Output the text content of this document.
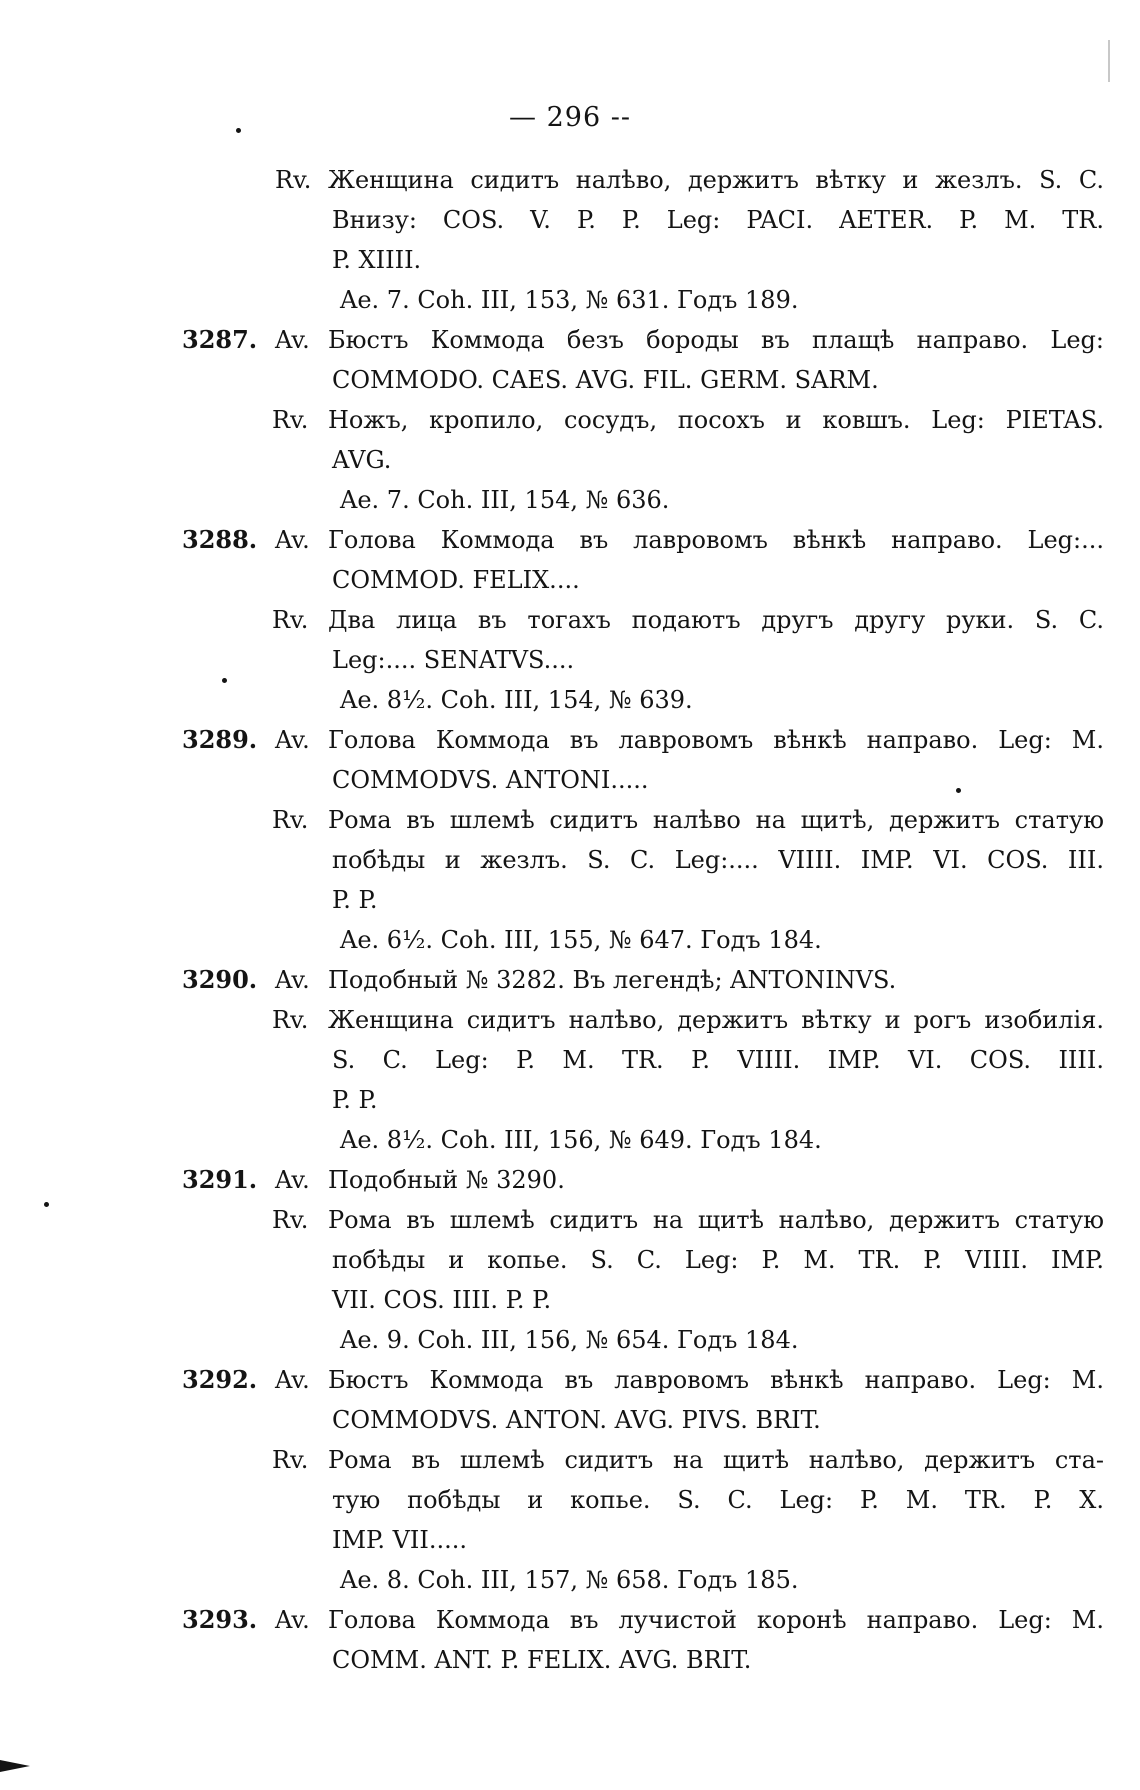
— 296 --
Rv. Женщина сидитъ налѣво, держитъ вѣтку и жезлъ. S. C.
Внизу: COS. V. P. P. Leg: PACI. AETER. P. M. TR.
P. XIIII.
Ae. 7. Coh. III, 153, № 631. Годъ 189.
3287. Av. Бюстъ Коммода безъ бороды въ плащѣ направо. Leg:
COMMODO. CAES. AVG. FIL. GERM. SARM.
Rv. Ножъ, кропило, сосудъ, посохъ и ковшъ. Leg: PIETAS.
AVG.
Ae. 7. Coh. III, 154, № 636.
3288. Av. Голова Коммода въ лавровомъ вѣнкѣ направо. Leg:...
COMMOD. FELIX....
Rv. Два лица въ тогахъ подаютъ другъ другу руки. S. C.
Leg:.... SENATVS....
Ae. 8½. Coh. III, 154, № 639.
3289. Av. Голова Коммода въ лавровомъ вѣнкѣ направо. Leg: M.
COMMODVS. ANTONI.....
Rv. Рома въ шлемѣ сидитъ налѣво на щитѣ, держитъ статую
побѣды и жезлъ. S. C. Leg:.... VIIII. IMP. VI. COS. III.
P. P.
Ae. 6½. Coh. III, 155, № 647. Годъ 184.
3290. Av. Подобный № 3282. Въ легендѣ; ANTONINVS.
Rv. Женщина сидитъ налѣво, держитъ вѣтку и рогъ изобилія.
S. C. Leg: P. M. TR. P. VIIII. IMP. VI. COS. IIII.
P. P.
Ae. 8½. Coh. III, 156, № 649. Годъ 184.
3291. Av. Подобный № 3290.
Rv. Рома въ шлемѣ сидитъ на щитѣ налѣво, держитъ статую
побѣды и копье. S. C. Leg: P. M. TR. P. VIIII. IMP.
VII. COS. IIII. P. P.
Ae. 9. Coh. III, 156, № 654. Годъ 184.
3292. Av. Бюстъ Коммода въ лавровомъ вѣнкѣ направо. Leg: M.
COMMODVS. ANTON. AVG. PIVS. BRIT.
Rv. Рома въ шлемѣ сидитъ на щитѣ налѣво, держитъ ста-
тую побѣды и копье. S. C. Leg: P. M. TR. P. X.
IMP. VII.....
Ae. 8. Coh. III, 157, № 658. Годъ 185.
3293. Av. Голова Коммода въ лучистой коронѣ направо. Leg: M.
COMM. ANT. P. FELIX. AVG. BRIT.
